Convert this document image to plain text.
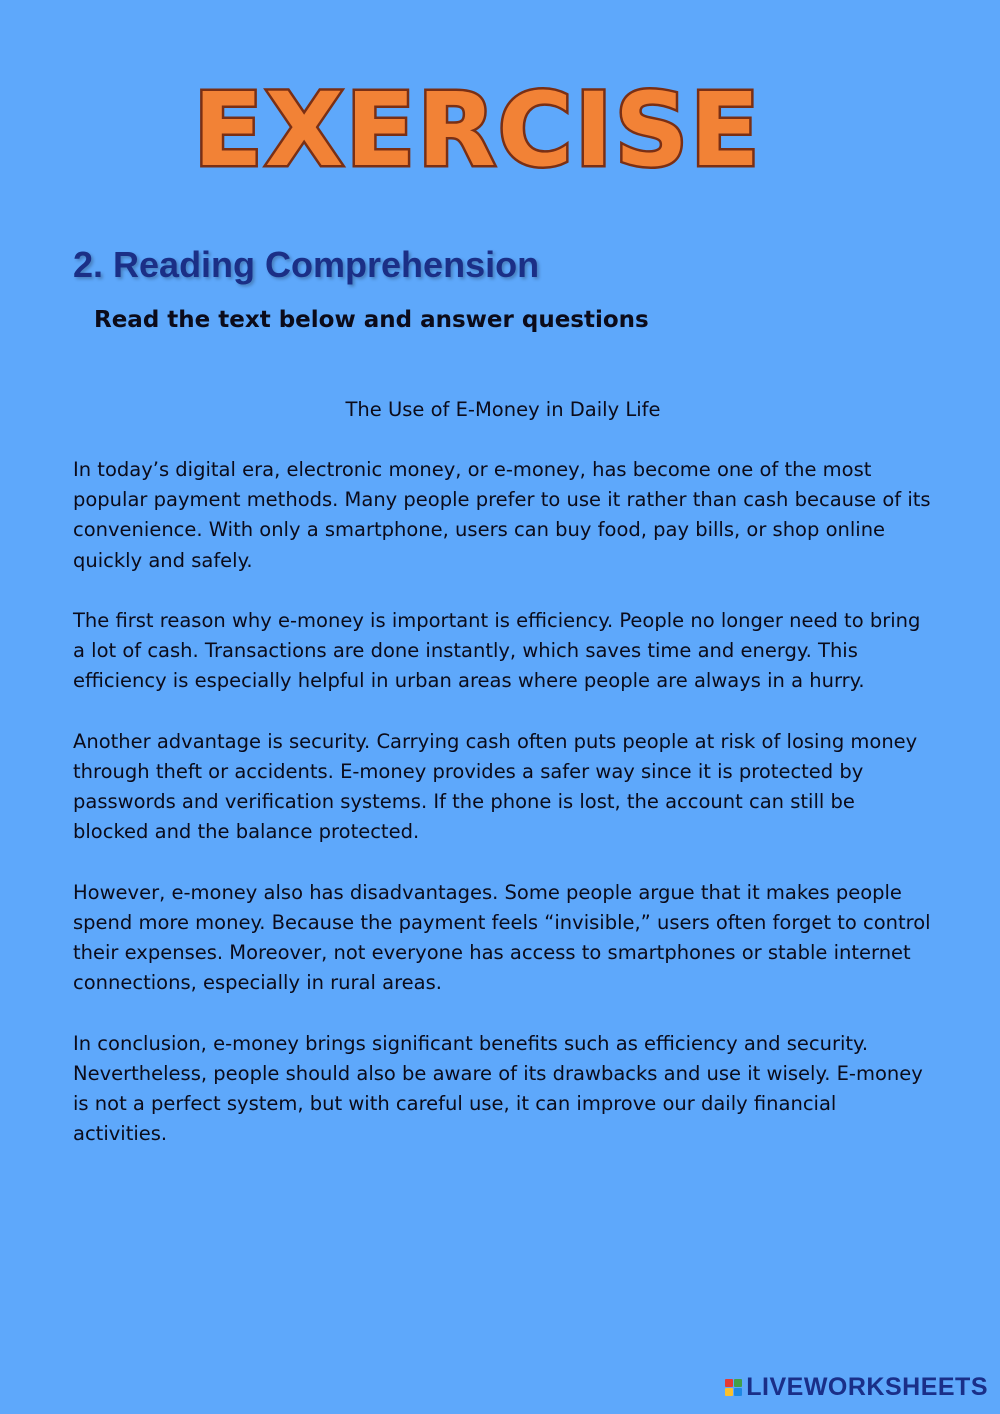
EXERCISE
2. Reading Comprehension

Read the text below and answer questions

The Use of E-Money in Daily Life

In today’s digital era, electronic money, or e-money, has become one of the most popular payment methods. Many people prefer to use it rather than cash because of its convenience. With only a smartphone, users can buy food, pay bills, or shop online quickly and safely.

The first reason why e-money is important is efficiency. People no longer need to bring a lot of cash. Transactions are done instantly, which saves time and energy. This efficiency is especially helpful in urban areas where people are always in a hurry.

Another advantage is security. Carrying cash often puts people at risk of losing money through theft or accidents. E-money provides a safer way since it is protected by passwords and verification systems. If the phone is lost, the account can still be blocked and the balance protected.

However, e-money also has disadvantages. Some people argue that it makes people spend more money. Because the payment feels “invisible,” users often forget to control their expenses. Moreover, not everyone has access to smartphones or stable internet connections, especially in rural areas.

In conclusion, e-money brings significant benefits such as efficiency and security. Nevertheless, people should also be aware of its drawbacks and use it wisely. E-money is not a perfect system, but with careful use, it can improve our daily financial activities.

LIVEWORKSHEETS
